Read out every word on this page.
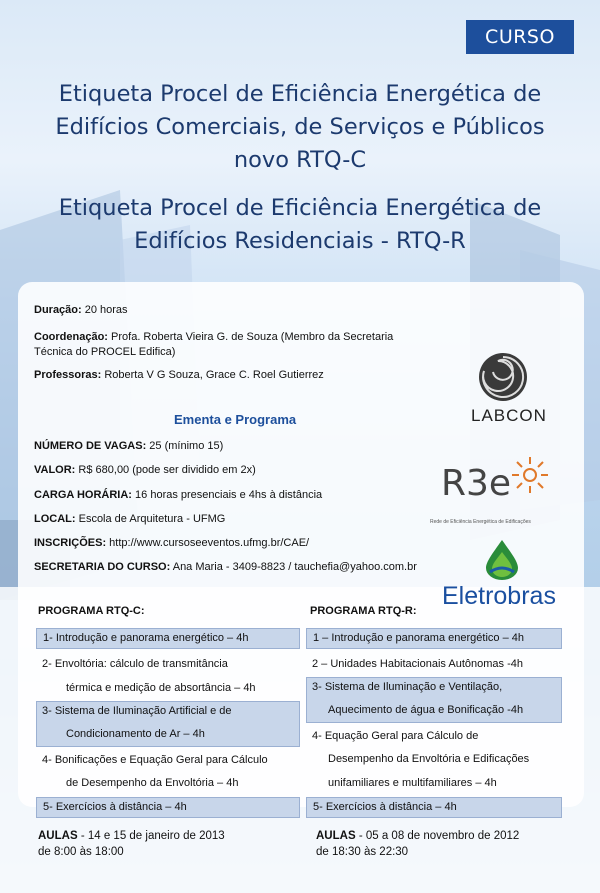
CURSO
Etiqueta Procel de Eficiência Energética de
Edifícios Comerciais, de Serviços e Públicos
novo RTQ-C
Etiqueta Procel de Eficiência Energética de
Edifícios Residenciais - RTQ-R
Duração: 20 horas
Coordenação: Profa. Roberta Vieira G. de Souza (Membro da Secretaria
Técnica do PROCEL Edifica)
Professoras: Roberta V G Souza, Grace C. Roel Gutierrez
Ementa e Programa
NÚMERO DE VAGAS: 25 (mínimo 15)
VALOR: R$ 680,00 (pode ser dividido em 2x)
CARGA HORÁRIA: 16 horas presenciais e 4hs à distância
LOCAL: Escola de Arquitetura - UFMG
INSCRIÇÕES: http://www.cursoseeventos.ufmg.br/CAE/
SECRETARIA DO CURSO: Ana Maria - 3409-8823 / tauchefia@yahoo.com.br
LABCON
R3e
Rede de Eficiência Energética de Edificações
Eletrobras
PROGRAMA RTQ-C:
1- Introdução e panorama energético – 4h
2- Envoltória: cálculo de transmitância
térmica e medição de absortância – 4h
3- Sistema de Iluminação Artificial e de
Condicionamento de Ar – 4h
4- Bonificações e Equação Geral para Cálculo
de Desempenho da Envoltória – 4h
5- Exercícios à distância – 4h
AULAS - 14 e 15 de janeiro de 2013
de 8:00 às 18:00
PROGRAMA RTQ-R:
1 – Introdução e panorama energético – 4h
2 – Unidades Habitacionais Autônomas -4h
3- Sistema de Iluminação e Ventilação,
Aquecimento de água e Bonificação -4h
4- Equação Geral para Cálculo de
Desempenho da Envoltória e Edificações
unifamiliares e multifamiliares – 4h
5- Exercícios à distância – 4h
AULAS - 05 a 08 de novembro de 2012
de 18:30 às 22:30
